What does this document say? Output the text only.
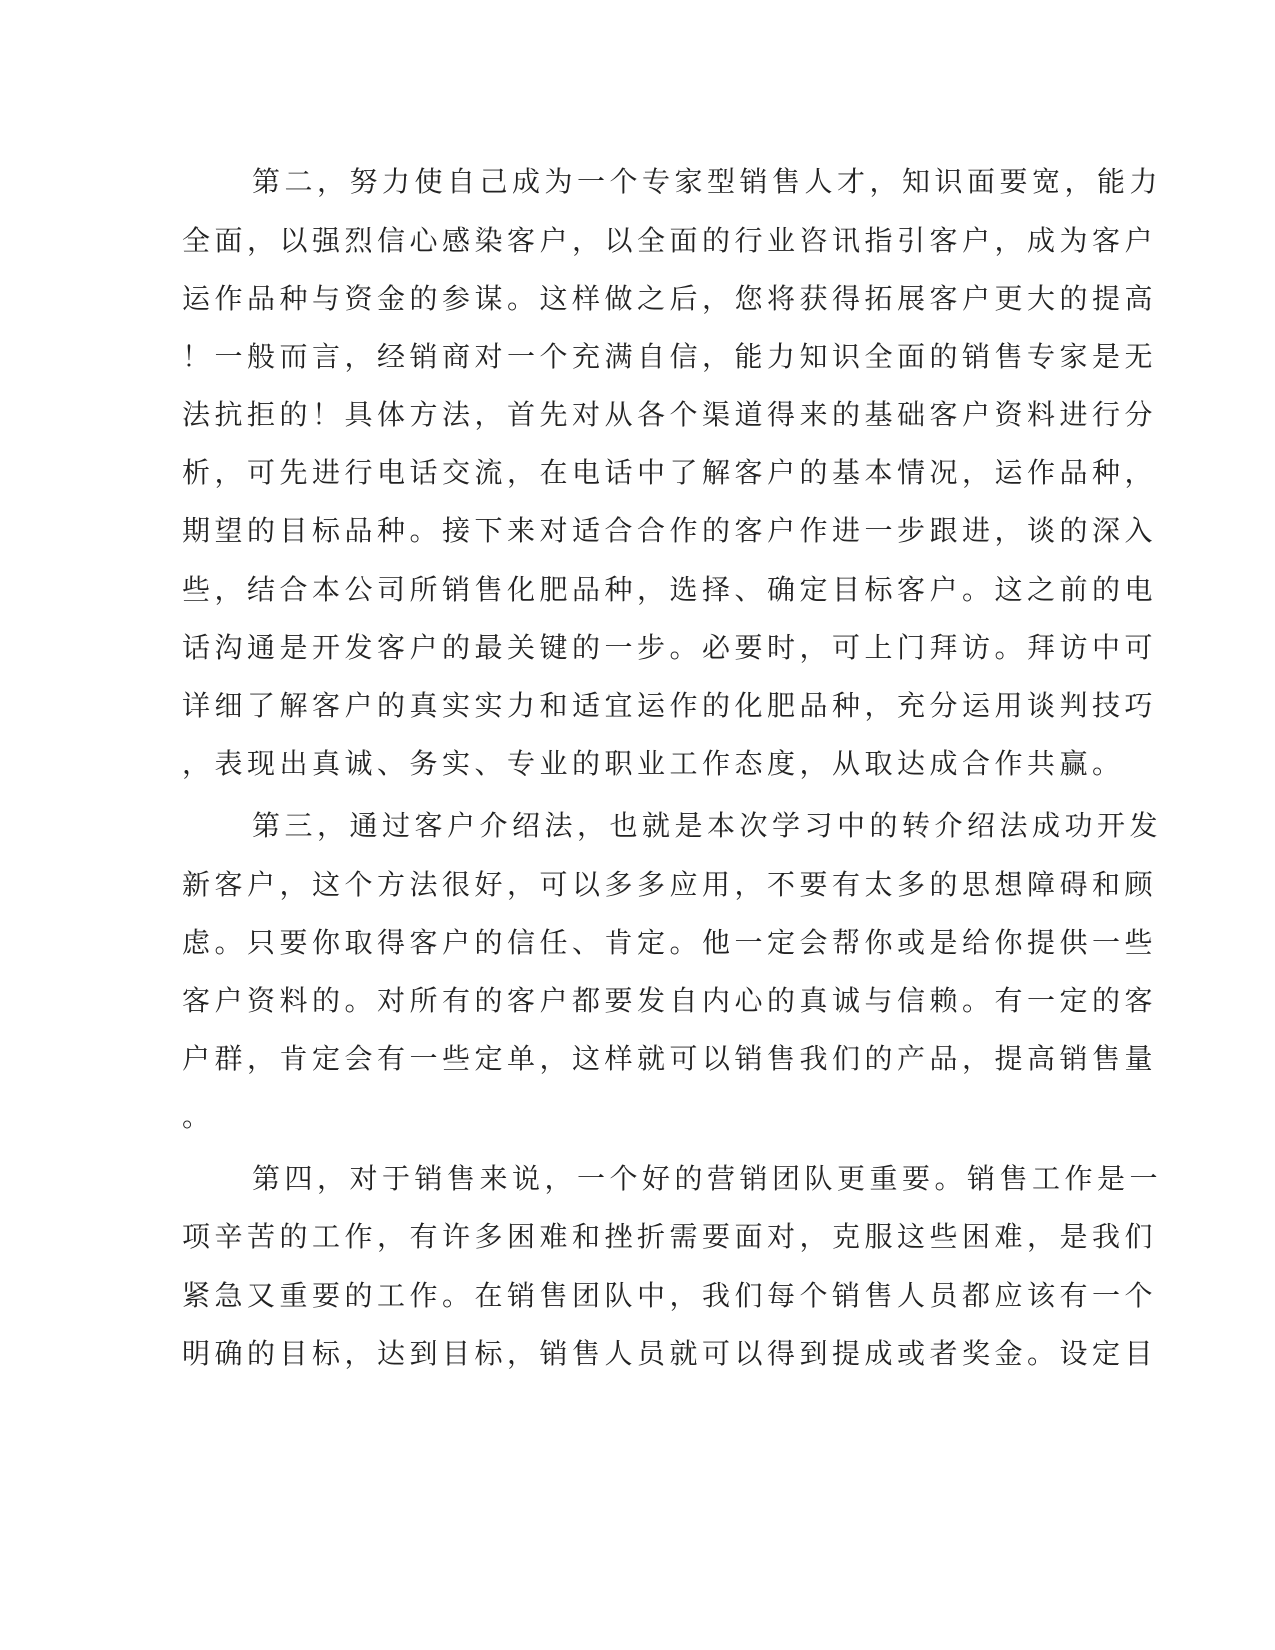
第二，努力使自己成为一个专家型销售人才，知识面要宽，能力
全面，以强烈信心感染客户，以全面的行业咨讯指引客户，成为客户
运作品种与资金的参谋。这样做之后，您将获得拓展客户更大的提高
！一般而言，经销商对一个充满自信，能力知识全面的销售专家是无
法抗拒的！具体方法，首先对从各个渠道得来的基础客户资料进行分
析，可先进行电话交流，在电话中了解客户的基本情况，运作品种，
期望的目标品种。接下来对适合合作的客户作进一步跟进，谈的深入
些，结合本公司所销售化肥品种，选择、确定目标客户。这之前的电
话沟通是开发客户的最关键的一步。必要时，可上门拜访。拜访中可
详细了解客户的真实实力和适宜运作的化肥品种，充分运用谈判技巧
，表现出真诚、务实、专业的职业工作态度，从取达成合作共赢。
第三，通过客户介绍法，也就是本次学习中的转介绍法成功开发
新客户，这个方法很好，可以多多应用，不要有太多的思想障碍和顾
虑。只要你取得客户的信任、肯定。他一定会帮你或是给你提供一些
客户资料的。对所有的客户都要发自内心的真诚与信赖。有一定的客
户群，肯定会有一些定单，这样就可以销售我们的产品，提高销售量
。
第四，对于销售来说，一个好的营销团队更重要。销售工作是一
项辛苦的工作，有许多困难和挫折需要面对，克服这些困难，是我们
紧急又重要的工作。在销售团队中，我们每个销售人员都应该有一个
明确的目标，达到目标，销售人员就可以得到提成或者奖金。设定目
